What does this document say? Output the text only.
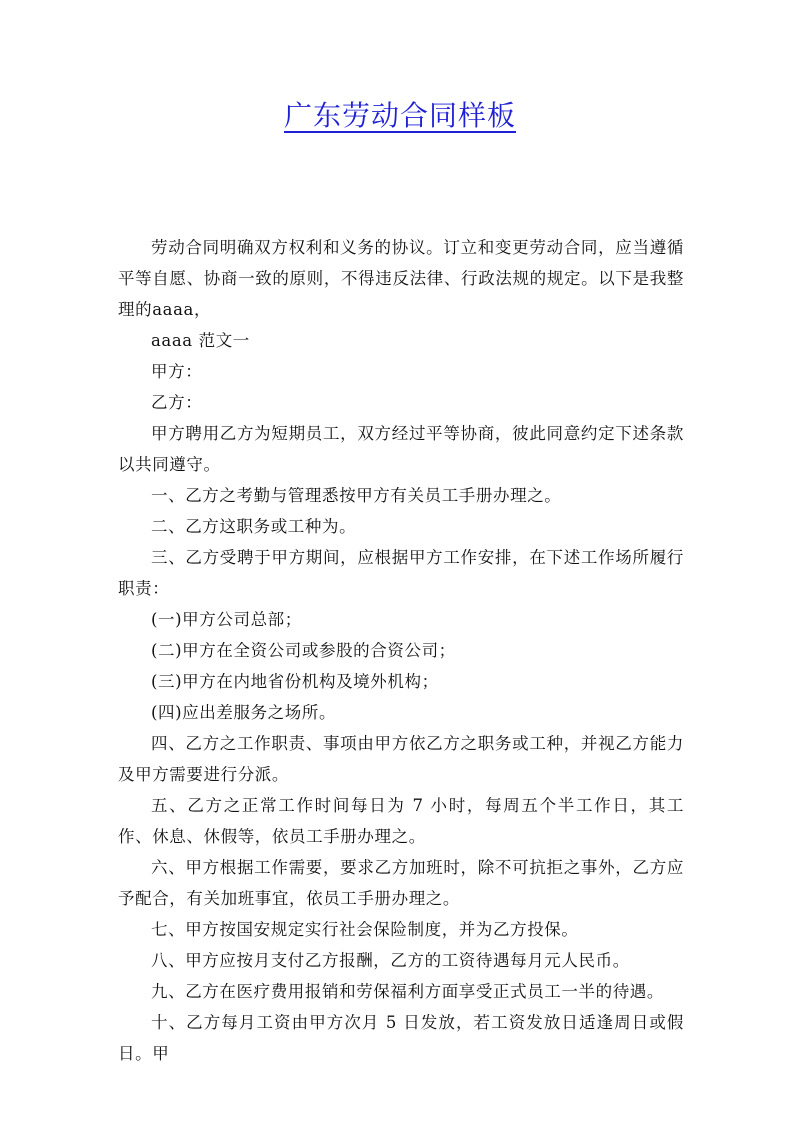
广东劳动合同样板

劳动合同明确双方权利和义务的协议。订立和变更劳动合同，应当遵循平等自愿、协商一致的原则，不得违反法律、行政法规的规定。以下是我整理的aaaa，

aaaa 范文一

甲方：

乙方：

甲方聘用乙方为短期员工，双方经过平等协商，彼此同意约定下述条款以共同遵守。

一、乙方之考勤与管理悉按甲方有关员工手册办理之。

二、乙方这职务或工种为。

三、乙方受聘于甲方期间，应根据甲方工作安排，在下述工作场所履行职责：

(一)甲方公司总部；

(二)甲方在全资公司或参股的合资公司；

(三)甲方在内地省份机构及境外机构；

(四)应出差服务之场所。

四、乙方之工作职责、事项由甲方依乙方之职务或工种，并视乙方能力及甲方需要进行分派。

五、乙方之正常工作时间每日为 7 小时，每周五个半工作日，其工作、休息、休假等，依员工手册办理之。

六、甲方根据工作需要，要求乙方加班时，除不可抗拒之事外，乙方应予配合，有关加班事宜，依员工手册办理之。

七、甲方按国安规定实行社会保险制度，并为乙方投保。

八、甲方应按月支付乙方报酬，乙方的工资待遇每月元人民币。

九、乙方在医疗费用报销和劳保福利方面享受正式员工一半的待遇。

十、乙方每月工资由甲方次月 5 日发放，若工资发放日适逢周日或假日。甲
